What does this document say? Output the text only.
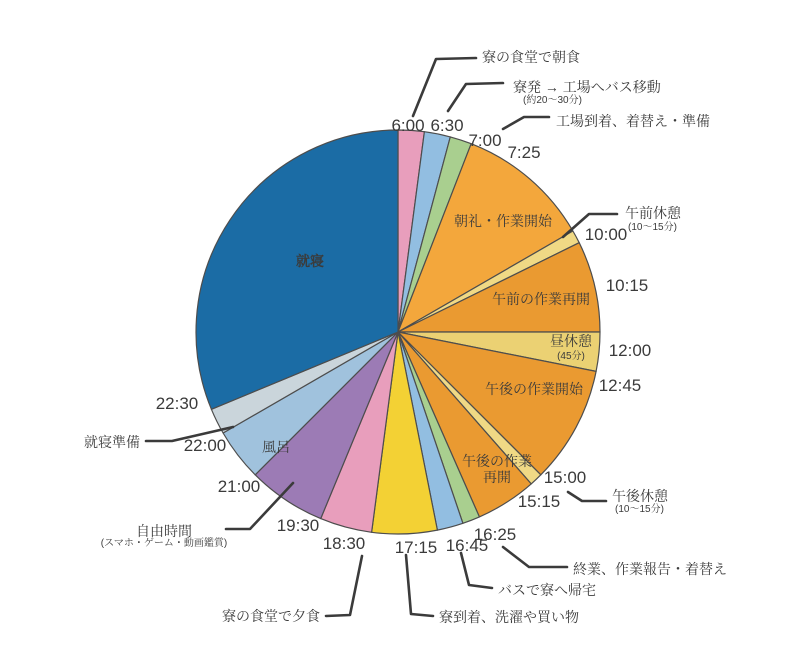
寮の食堂で朝食
寮発 → 工場へバス移動
(約20〜30分)
工場到着、着替え・準備
朝礼・作業開始	午前休憩
(10〜15分)
午前の作業再開
昼休憩
(45分)
午後の作業開始
午後休憩
(10〜15分)
午後の作業
再開
終業、作業報告・着替え
バスで寮へ帰宅
寮到着、洗濯や買い物
寮の食堂で夕食
自由時間
(スマホ・ゲーム・動画鑑賞)
風呂
就寝準備
就寝
6:00 6:30
7:00
7:25
10:00
10:15
12:00
12:45
15:00
15:15
16:25
16:45
17:15
18:30
19:30
21:00
22:00
22:30
